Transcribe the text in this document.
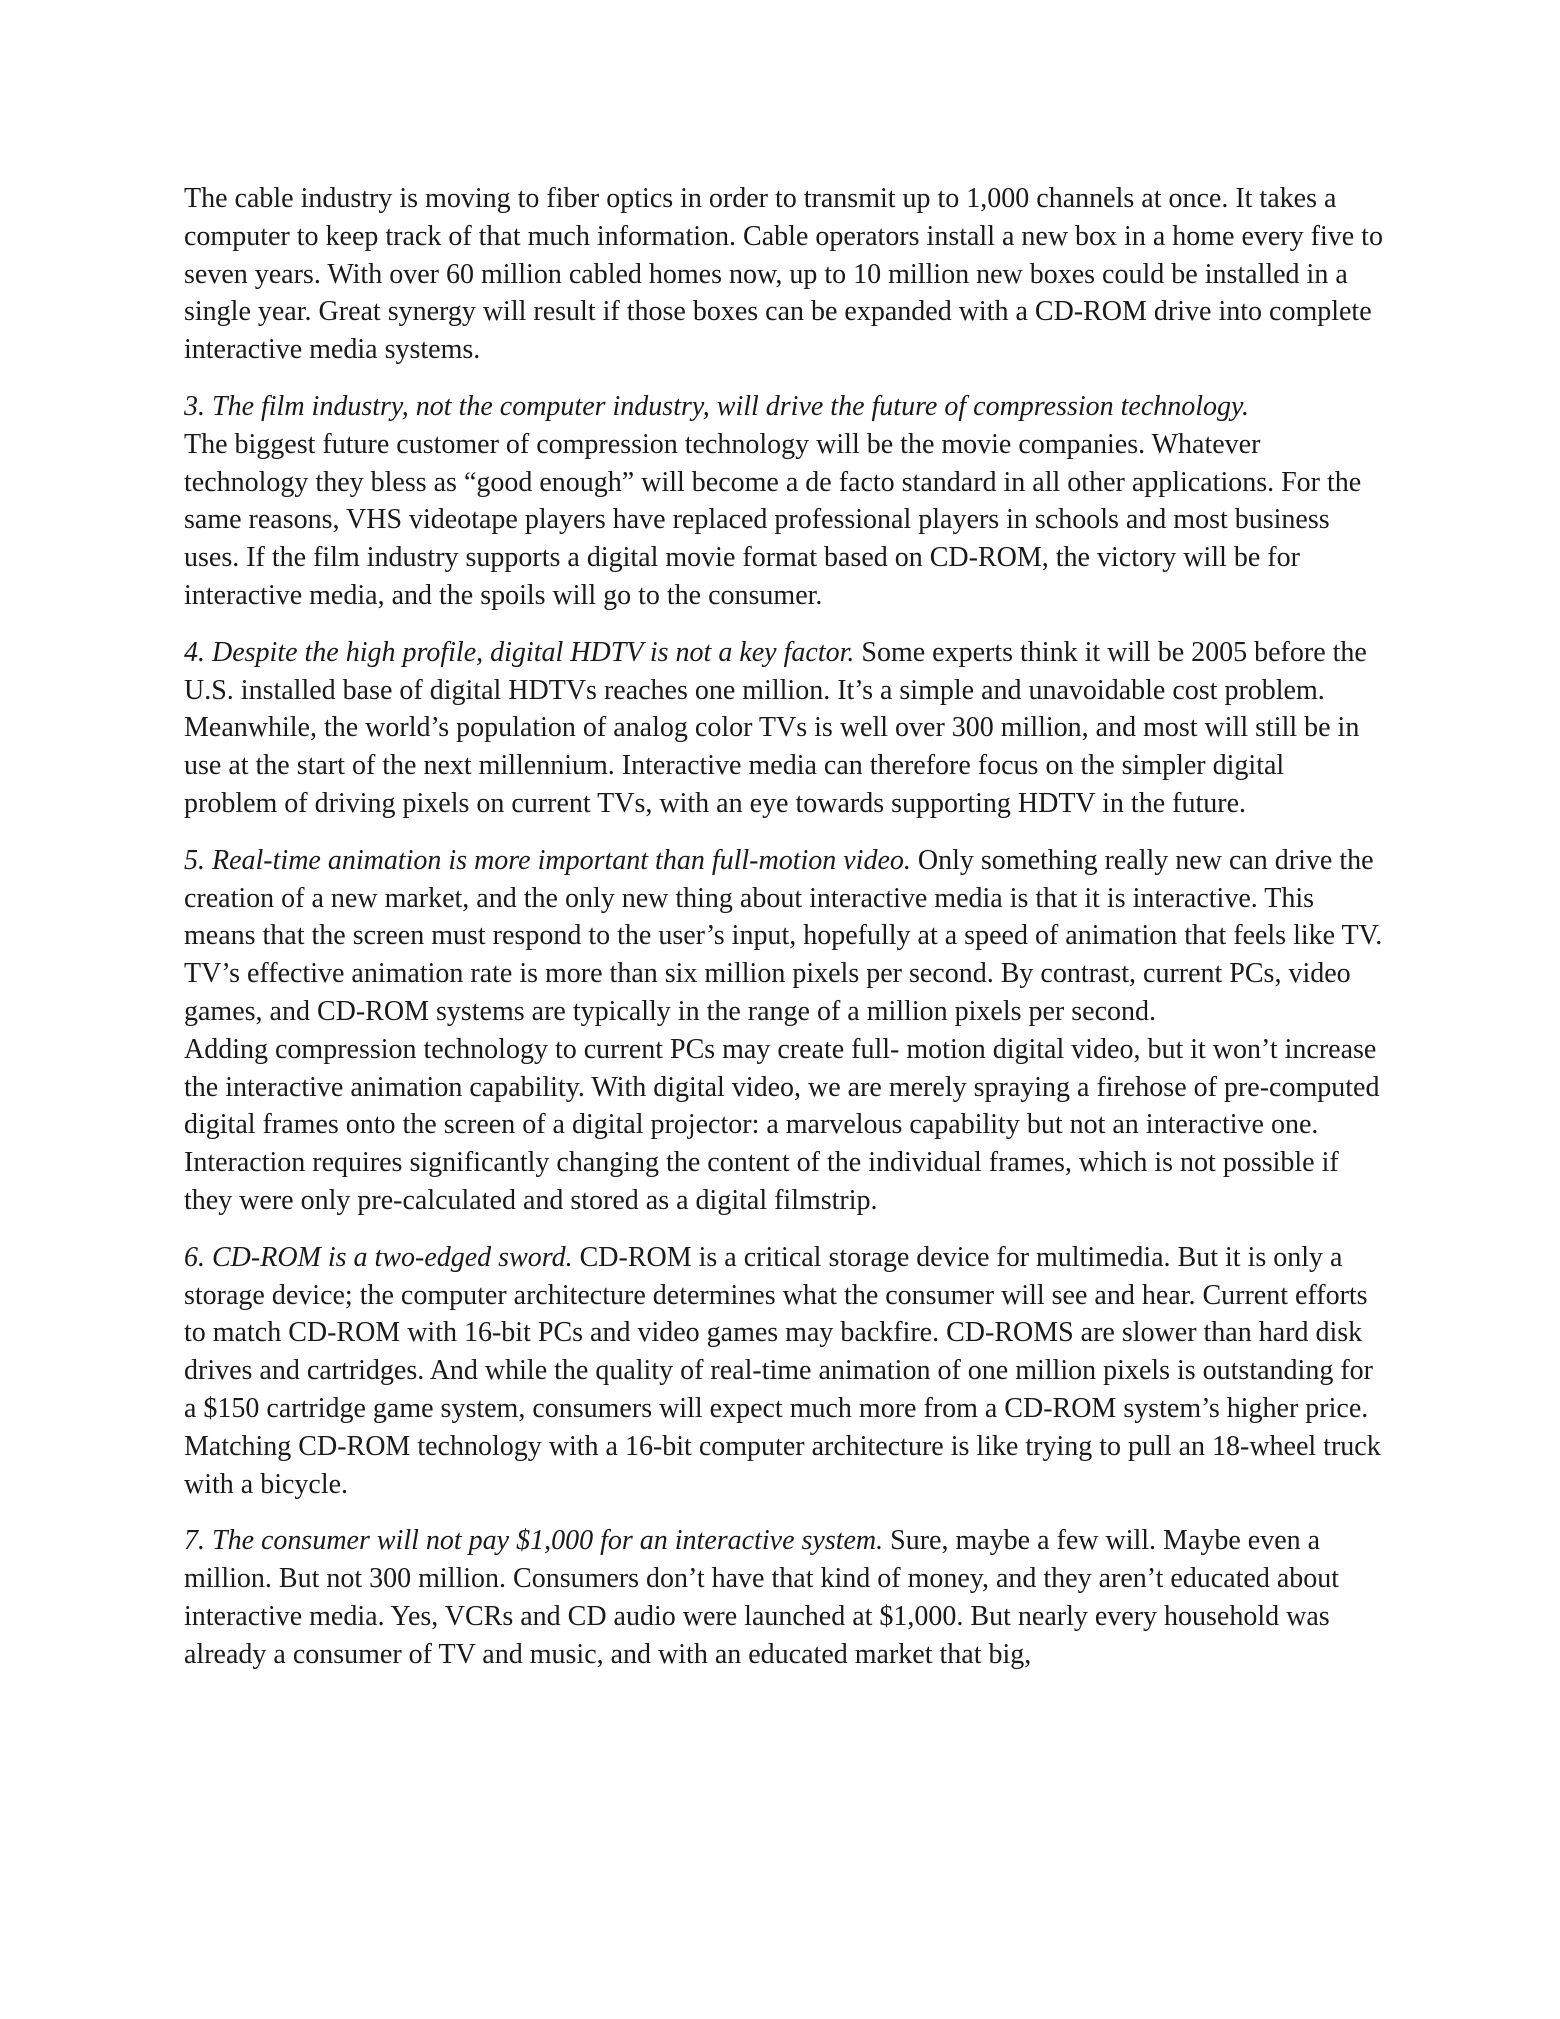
The cable industry is moving to fiber optics in order to transmit up to 1,000 channels at once. It takes a computer to keep track of that much information. Cable operators install a new box in a home every five to seven years. With over 60 million cabled homes now, up to 10 million new boxes could be installed in a single year. Great synergy will result if those boxes can be expanded with a CD-ROM drive into complete interactive media systems.

3. The film industry, not the computer industry, will drive the future of compression technology.
The biggest future customer of compression technology will be the movie companies. Whatever technology they bless as “good enough” will become a de facto standard in all other applications. For the same reasons, VHS videotape players have replaced professional players in schools and most business uses. If the film industry supports a digital movie format based on CD-ROM, the victory will be for interactive media, and the spoils will go to the consumer.

4. Despite the high profile, digital HDTV is not a key factor. Some experts think it will be 2005 before the U.S. installed base of digital HDTVs reaches one million. It’s a simple and unavoidable cost problem. Meanwhile, the world’s population of analog color TVs is well over 300 million, and most will still be in use at the start of the next millennium. Interactive media can therefore focus on the simpler digital problem of driving pixels on current TVs, with an eye towards supporting HDTV in the future.

5. Real-time animation is more important than full-motion video. Only something really new can drive the creation of a new market, and the only new thing about interactive media is that it is interactive. This means that the screen must respond to the user’s input, hopefully at a speed of animation that feels like TV. TV’s effective animation rate is more than six million pixels per second. By contrast, current PCs, video games, and CD-ROM systems are typically in the range of a million pixels per second.

Adding compression technology to current PCs may create full- motion digital video, but it won’t increase the interactive animation capability. With digital video, we are merely spraying a firehose of pre-computed digital frames onto the screen of a digital projector: a marvelous capability but not an interactive one. Interaction requires significantly changing the content of the individual frames, which is not possible if they were only pre-calculated and stored as a digital filmstrip.

6. CD-ROM is a two-edged sword. CD-ROM is a critical storage device for multimedia. But it is only a storage device; the computer architecture determines what the consumer will see and hear. Current efforts to match CD-ROM with 16-bit PCs and video games may backfire. CD-ROMS are slower than hard disk drives and cartridges. And while the quality of real-time animation of one million pixels is outstanding for a $150 cartridge game system, consumers will expect much more from a CD-ROM system’s higher price. Matching CD-ROM technology with a 16-bit computer architecture is like trying to pull an 18-wheel truck with a bicycle.

7. The consumer will not pay $1,000 for an interactive system. Sure, maybe a few will. Maybe even a million. But not 300 million. Consumers don’t have that kind of money, and they aren’t educated about interactive media. Yes, VCRs and CD audio were launched at $1,000. But nearly every household was already a consumer of TV and music, and with an educated market that big,
